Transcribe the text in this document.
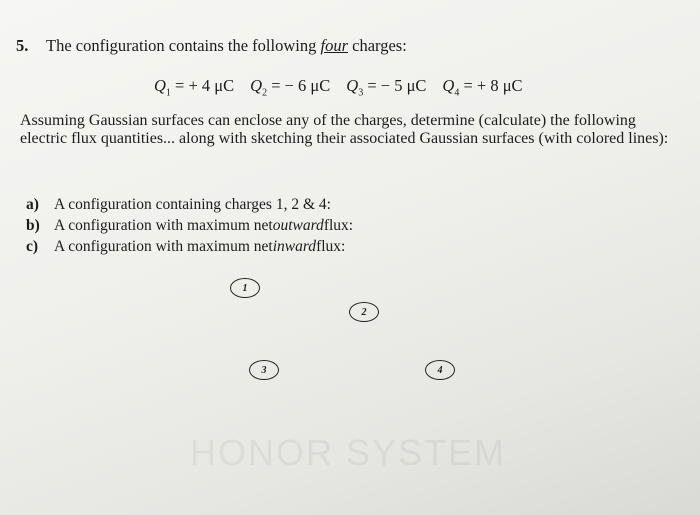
5. The configuration contains the following four charges:
$Q_1$ = + 4 μC $Q_2$ = − 6 μC $Q_3$ = − 5 μC $Q_4$ = + 8 μC
Assuming Gaussian surfaces can enclose any of the charges, determine (calculate) the following electric flux quantities... along with sketching their associated Gaussian surfaces (with colored lines):
a) A configuration containing charges 1, 2 & 4:
b) A configuration with maximum net outward flux:
c)	A configuration with maximum net inward flux:
1
2
3	4
HONOR SYSTEM
